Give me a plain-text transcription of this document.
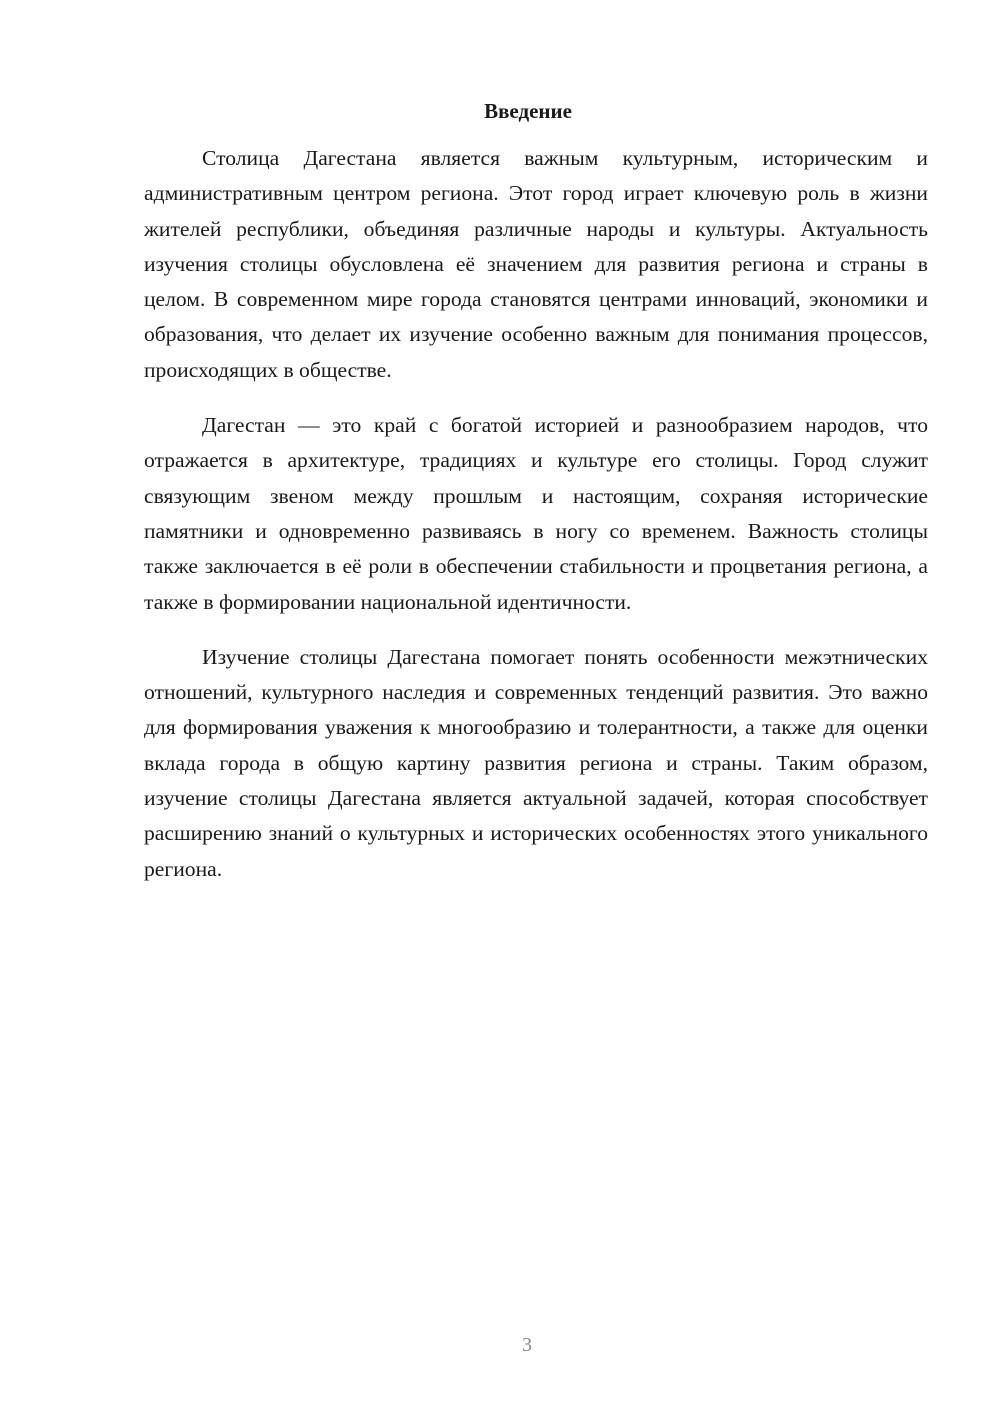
Введение

Столица Дагестана является важным культурным, историческим и административным центром региона. Этот город играет ключевую роль в жизни жителей республики, объединяя различные народы и культуры. Актуальность изучения столицы обусловлена её значением для развития региона и страны в целом. В современном мире города становятся центрами инноваций, экономики и образования, что делает их изучение особенно важным для понимания процессов, происходящих в обществе.

Дагестан — это край с богатой историей и разнообразием народов, что отражается в архитектуре, традициях и культуре его столицы. Город служит связующим звеном между прошлым и настоящим, сохраняя исторические памятники и одновременно развиваясь в ногу со временем. Важность столицы также заключается в её роли в обеспечении стабильности и процветания региона, а также в формировании национальной идентичности.

Изучение столицы Дагестана помогает понять особенности межэтнических отношений, культурного наследия и современных тенденций развития. Это важно для формирования уважения к многообразию и толерантности, а также для оценки вклада города в общую картину развития региона и страны. Таким образом, изучение столицы Дагестана является актуальной задачей, которая способствует расширению знаний о культурных и исторических особенностях этого уникального региона.

3
